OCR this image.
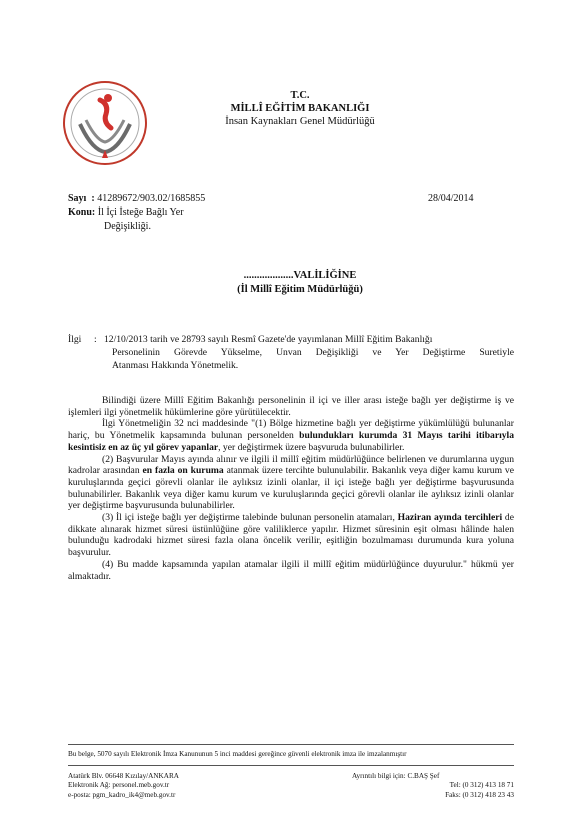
T.C.
MİLLÎ EĞİTİM BAKANLIĞI
İnsan Kaynakları Genel Müdürlüğü
Sayı  : 41289672/903.02/1685855	28/04/2014
Konu: İl İçi İsteğe Bağlı Yer
Değişikliği.
...................VALİLİĞİNE
(İl Millî Eğitim Müdürlüğü)
İlgi : 12/10/2013 tarih ve 28793 sayılı Resmî Gazete'de yayımlanan Millî Eğitim Bakanlığı
Personelinin Görevde Yükselme, Unvan Değişikliği ve Yer Değiştirme Suretiyle
Atanması Hakkında Yönetmelik.

Bilindiği üzere Millî Eğitim Bakanlığı personelinin il içi ve iller arası isteğe bağlı yer değiştirme iş ve işlemleri ilgi yönetmelik hükümlerine göre yürütülecektir.

İlgi Yönetmeliğin 32 nci maddesinde "(1) Bölge hizmetine bağlı yer değiştirme yükümlülüğü bulunanlar hariç, bu Yönetmelik kapsamında bulunan personelden bulundukları kurumda 31 Mayıs tarihi itibarıyla kesintisiz en az üç yıl görev yapanlar, yer değiştirmek üzere başvuruda bulunabilirler.

(2) Başvurular Mayıs ayında alınır ve ilgili il millî eğitim müdürlüğünce belirlenen ve durumlarına uygun kadrolar arasından en fazla on kuruma atanmak üzere tercihte bulunulabilir. Bakanlık veya diğer kamu kurum ve kuruluşlarında geçici görevli olanlar ile aylıksız izinli olanlar, il içi isteğe bağlı yer değiştirme başvurusunda bulunabilirler. Bakanlık veya diğer kamu kurum ve kuruluşlarında geçici görevli olanlar ile aylıksız izinli olanlar yer değiştirme başvurusunda bulunabilirler.

(3) İl içi isteğe bağlı yer değiştirme talebinde bulunan personelin atamaları, Haziran ayında tercihleri de dikkate alınarak hizmet süresi üstünlüğüne göre valiliklerce yapılır. Hizmet süresinin eşit olması hâlinde halen bulunduğu kadrodaki hizmet süresi fazla olana öncelik verilir, eşitliğin bozulmaması durumunda kura yoluna başvurulur.

(4) Bu madde kapsamında yapılan atamalar ilgili il millî eğitim müdürlüğünce duyurulur." hükmü yer almaktadır.

Bu belge, 5070 sayılı Elektronik İmza Kanununun 5 inci maddesi gereğince güvenli elektronik imza ile imzalanmıştır
Atatürk Blv. 06648 Kızılay/ANKARA
Elektronik Ağ: personel.meb.gov.tr
e-posta: pgm_kadro_ik4@meb.gov.tr
Ayrıntılı bilgi için: C.BAŞ Şef
Tel: (0 312) 413 18 71
Faks: (0 312) 418 23 43
